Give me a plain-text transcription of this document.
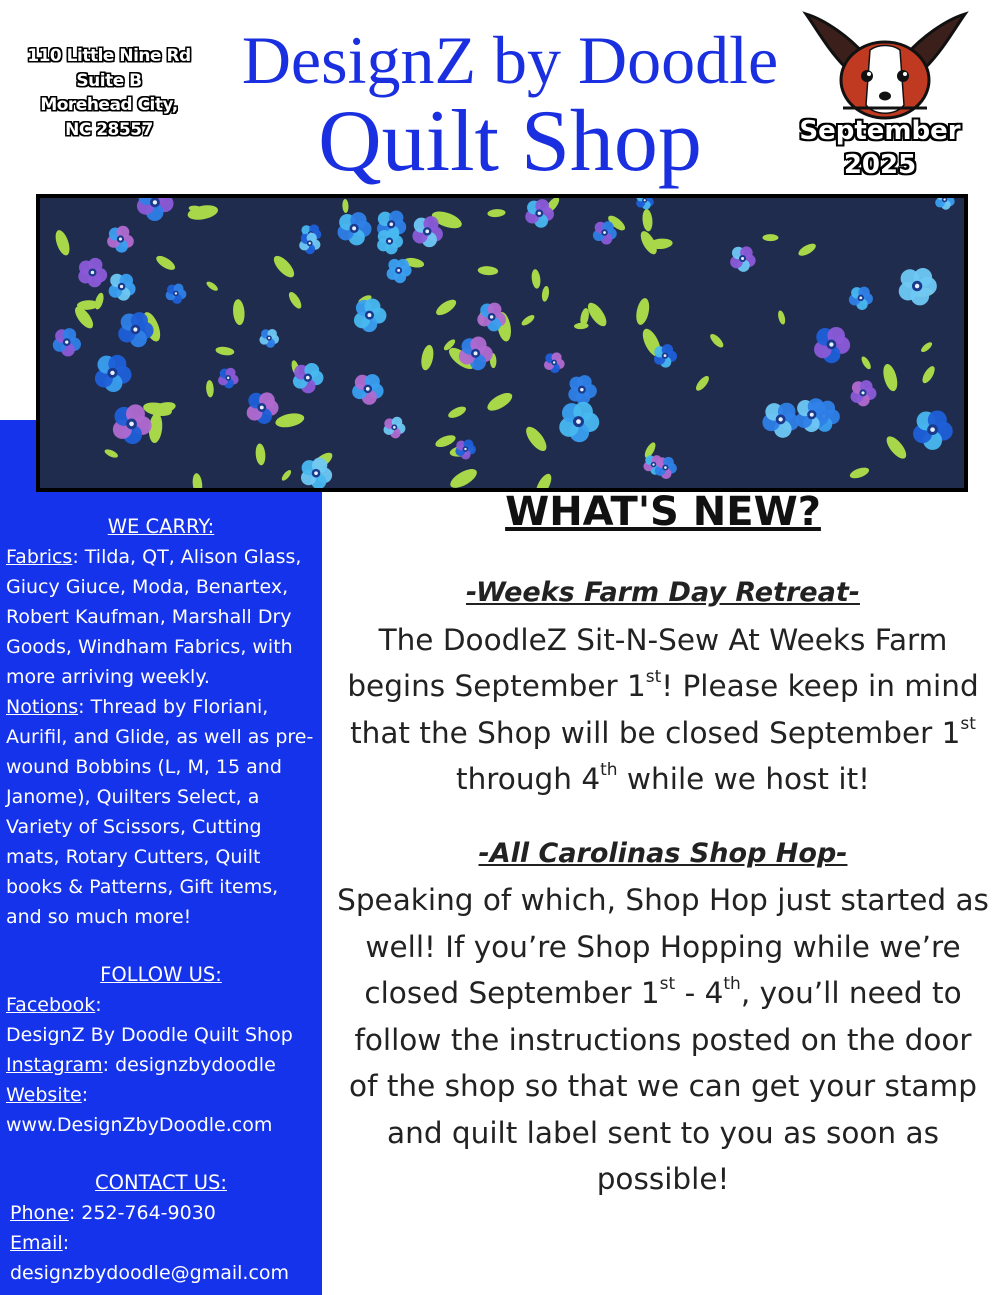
110 Little Nine Rd
Suite B
Morehead City,
NC 28557
DesignZ by Doodle
Quilt Shop	September
2025
WE CARRY:
Fabrics: Tilda, QT, Alison Glass, Giucy Giuce, Moda, Benartex, Robert Kaufman, Marshall Dry Goods, Windham Fabrics, with more arriving weekly.
Notions: Thread by Floriani, Aurifil, and Glide, as well as pre-wound Bobbins (L, M, 15 and Janome), Quilters Select, a Variety of Scissors, Cutting mats, Rotary Cutters, Quilt books & Patterns, Gift items, and so much more!
FOLLOW US:
Facebook:
DesignZ By Doodle Quilt Shop
Instagram: designzbydoodle
Website:
www.DesignZbyDoodle.com
CONTACT US:
Phone: 252-764-9030
Email:
designzbydoodle@gmail.com
WHAT'S NEW?
-Weeks Farm Day Retreat-
The DoodleZ Sit-N-Sew At Weeks Farm begins September 1st! Please keep in mind that the Shop will be closed September 1st through 4th while we host it!
-All Carolinas Shop Hop-
Speaking of which, Shop Hop just started as well! If you’re Shop Hopping while we’re closed September 1st - 4th, you’ll need to follow the instructions posted on the door of the shop so that we can get your stamp and quilt label sent to you as soon as possible!
